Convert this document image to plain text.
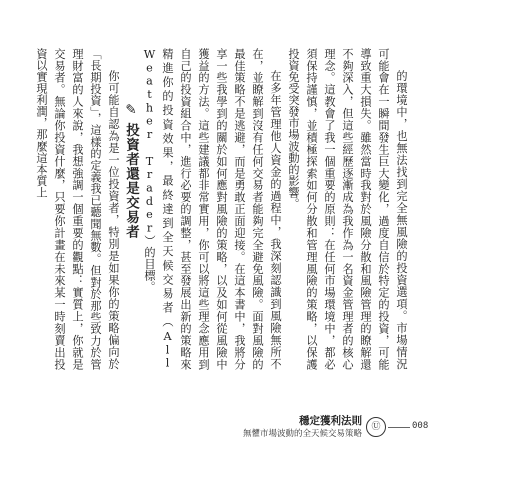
的環境中，也無法找到完全無風險的投資選項。市場情況可能會在一瞬間發生巨大變化，過度自信於特定的投資，可能導致重大損失。雖然當時我對於風險分散和風險管理的瞭解還不夠深入，但這些經歷逐漸成為我作為一名資金管理者的核心理念。這教會了我一個重要的原則：在任何市場環境中，都必須保持謹慎，並積極探索如何分散和管理風險的策略，以保護投資免受突發市場波動的影響。

在多年管理他人資金的過程中，我深刻認識到風險無所不在，並瞭解到沒有任何交易者能夠完全避免風險。面對風險的最佳策略不是逃避，而是勇敢正面迎接。在這本書中，我將分享一些我學到的關於如何應對風險的策略，以及如何從風險中獲益的方法。這些建議都非常實用，你可以將這些理念應用到自己的投資組合中，進行必要的調整，甚至發展出新的策略來精進你的投資效果，最終達到全天候交易者（All Weather Trader）的目標。

✎投資者還是交易者

你可能自認為是一位投資者，特別是如果你的策略偏向於「長期投資」，這樣的定義我已聽聞無數。但對於那些致力於管理財富的人來說，我想強調一個重要的觀點：實質上，你就是交易者。無論你投資什麼，只要你計畫在未來某一時刻賣出投資以實現利潤，那麼這本質上

穩定獲利法則
無懼市場波動的全天候交易策略
Ⓤ	008
